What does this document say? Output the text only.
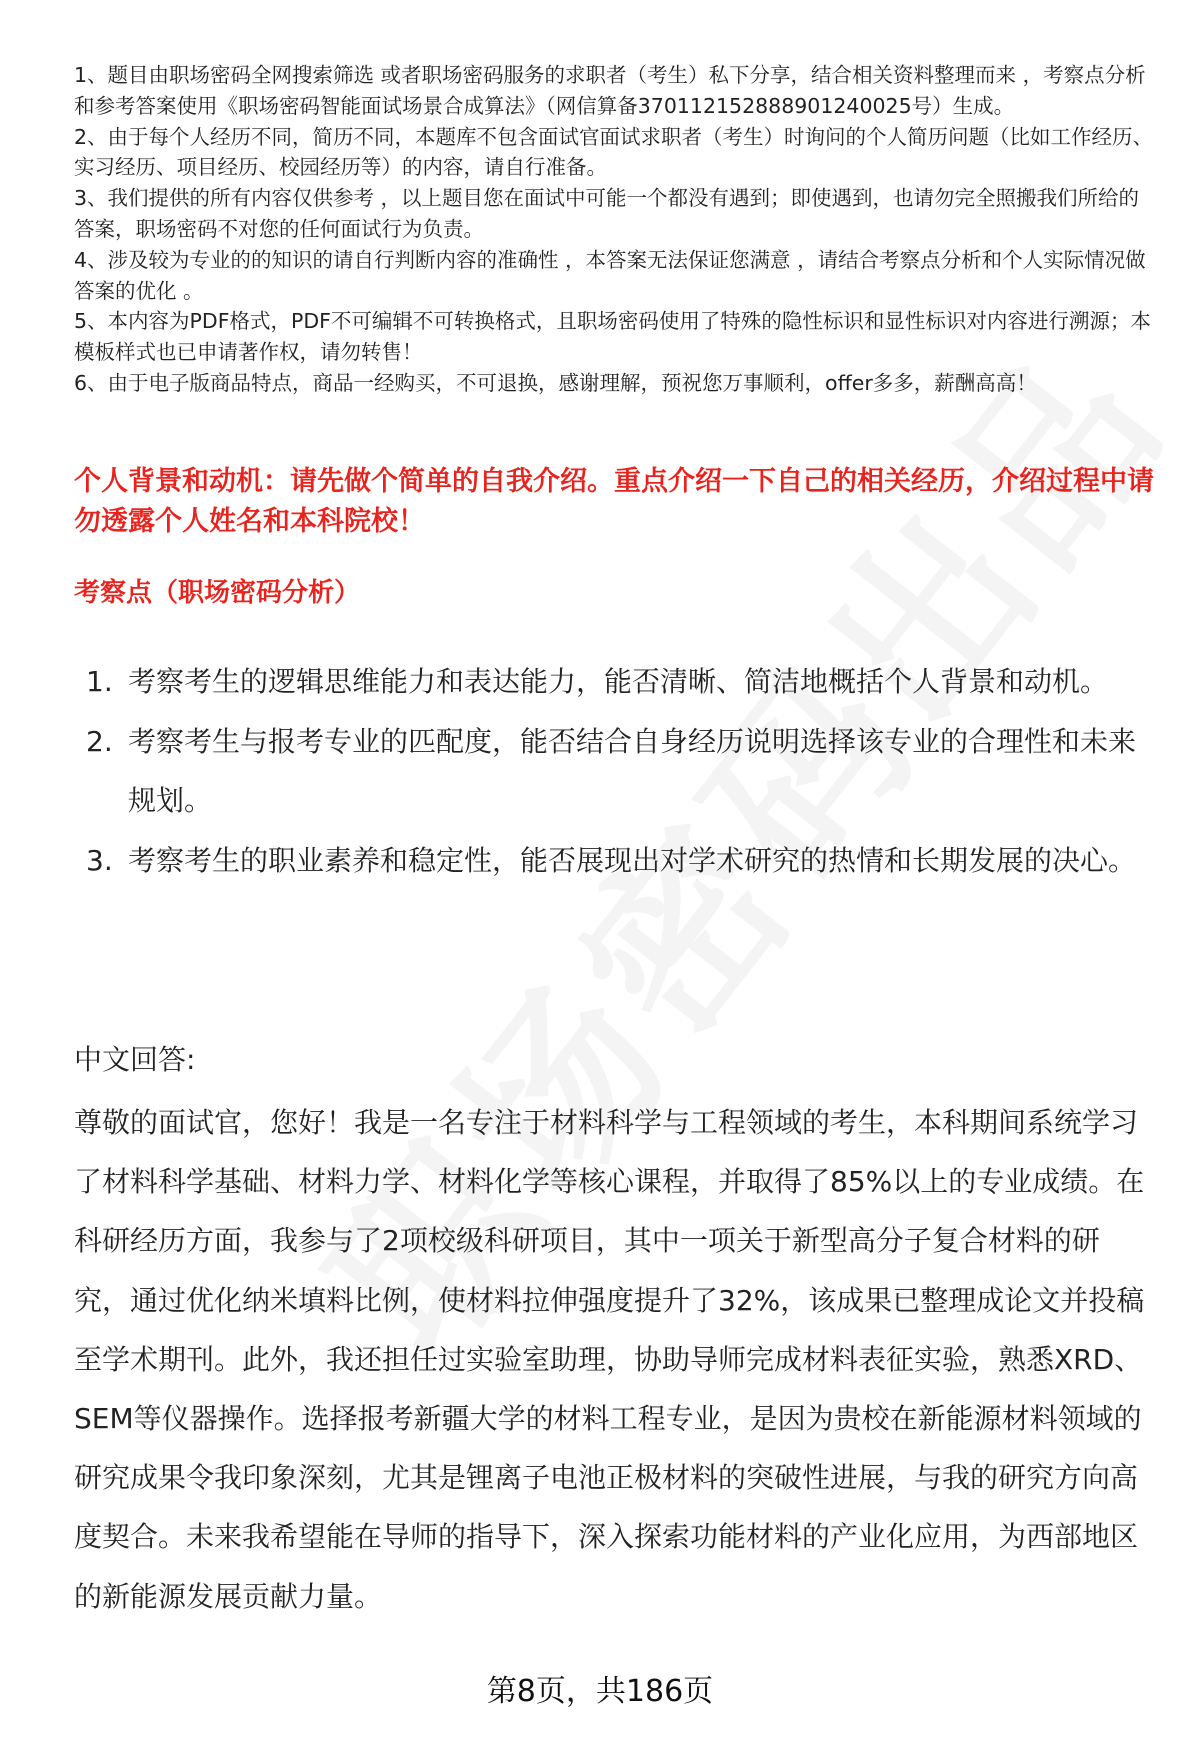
1、题目由职场密码全网搜索筛选 或者职场密码服务的求职者（考生）私下分享，结合相关资料整理而来 ，考察点分析和参考答案使用《职场密码智能面试场景合成算法》（网信算备370112152888901240025号）生成。

2、由于每个人经历不同，简历不同，本题库不包含面试官面试求职者（考生）时询问的个人简历问题（比如工作经历、实习经历、项目经历、校园经历等）的内容，请自行准备。

3、我们提供的所有内容仅供参考 ，以上题目您在面试中可能一个都没有遇到；即使遇到，也请勿完全照搬我们所给的答案，职场密码不对您的任何面试行为负责。

4、涉及较为专业的的知识的请自行判断内容的准确性 ，本答案无法保证您满意 ，请结合考察点分析和个人实际情况做答案的优化 。

5、本内容为PDF格式，PDF不可编辑不可转换格式，且职场密码使用了特殊的隐性标识和显性标识对内容进行溯源；本模板样式也已申请著作权，请勿转售！

6、由于电子版商品特点，商品一经购买，不可退换，感谢理解，预祝您万事顺利，offer多多，薪酬高高！

个人背景和动机：请先做个简单的自我介绍。重点介绍一下自己的相关经历，介绍过程中请勿透露个人姓名和本科院校！
考察点（职场密码分析）
1. 考察考生的逻辑思维能力和表达能力，能否清晰、简洁地概括个人背景和动机。
2. 考察考生与报考专业的匹配度，能否结合自身经历说明选择该专业的合理性和未来规划。
3. 考察考生的职业素养和稳定性，能否展现出对学术研究的热情和长期发展的决心。
中文回答:

尊敬的面试官，您好！我是一名专注于材料科学与工程领域的考生，本科期间系统学习了材料科学基础、材料力学、材料化学等核心课程，并取得了85%以上的专业成绩。在科研经历方面，我参与了2项校级科研项目，其中一项关于新型高分子复合材料的研究，通过优化纳米填料比例，使材料拉伸强度提升了32%，该成果已整理成论文并投稿至学术期刊。此外，我还担任过实验室助理，协助导师完成材料表征实验，熟悉XRD、SEM等仪器操作。选择报考新疆大学的材料工程专业，是因为贵校在新能源材料领域的研究成果令我印象深刻，尤其是锂离子电池正极材料的突破性进展，与我的研究方向高度契合。未来我希望能在导师的指导下，深入探索功能材料的产业化应用，为西部地区的新能源发展贡献力量。

第8页，共186页
